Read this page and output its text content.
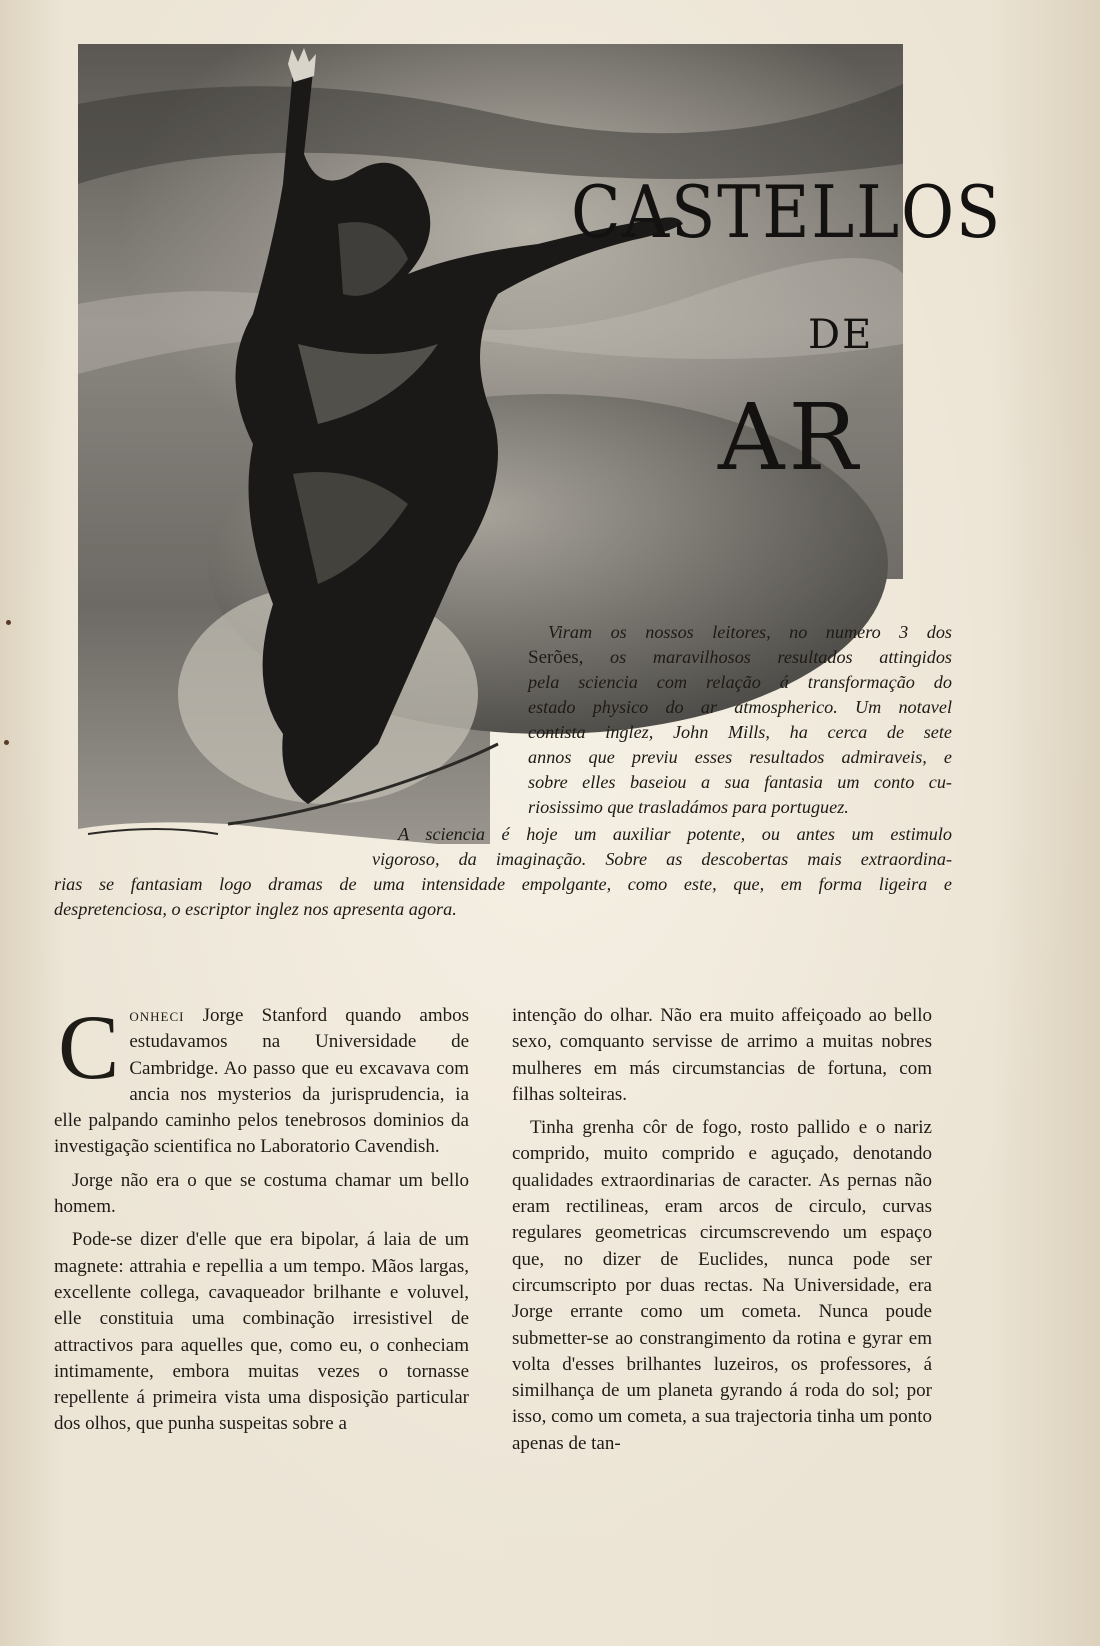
CASTELLOS
DE
AR
Viram os nossos leitores, no numero 3 dos
Serões, os maravilhosos resultados attingidos
pela sciencia com relação á transformação do
estado physico do ar atmospherico. Um notavel
contista inglez, John Mills, ha cerca de sete
annos que previu esses resultados admiraveis, e
sobre elles baseiou a sua fantasia um conto cu-
riosissimo que trasladámos para portuguez.
A sciencia é hoje um auxiliar potente, ou antes um estimulo
vigoroso, da imaginação. Sobre as descobertas mais extraordina-
rias se fantasiam logo dramas de uma intensidade empolgante, como este, que, em forma ligeira e
despretenciosa, o escriptor inglez nos apresenta agora.

Conheci Jorge Stanford quando ambos estudavamos na Universidade de Cambridge. Ao passo que eu excavava com ancia nos mysterios da jurisprudencia, ia elle palpando caminho pelos tenebrosos dominios da investigação scientifica no Laboratorio Cavendish.

Jorge não era o que se costuma chamar um bello homem.

Pode-se dizer d'elle que era bipolar, á laia de um magnete: attrahia e repellia a um tempo. Mãos largas, excellente collega, cavaqueador brilhante e voluvel, elle constituia uma combinação irresistivel de attractivos para aquelles que, como eu, o conheciam intimamente, embora muitas vezes o tornasse repellente á primeira vista uma disposição particular dos olhos, que punha suspeitas sobre a

intenção do olhar. Não era muito affeiçoado ao bello sexo, comquanto servisse de arrimo a muitas nobres mulheres em más circumstancias de fortuna, com filhas solteiras.

Tinha grenha côr de fogo, rosto pallido e o nariz comprido, muito comprido e aguçado, denotando qualidades extraordinarias de caracter. As pernas não eram rectilineas, eram arcos de circulo, curvas regulares geometricas circumscrevendo um espaço que, no dizer de Euclides, nunca pode ser circumscripto por duas rectas. Na Universidade, era Jorge errante como um cometa. Nunca poude submetter-se ao constrangimento da rotina e gyrar em volta d'esses brilhantes luzeiros, os professores, á similhança de um planeta gyrando á roda do sol; por isso, como um cometa, a sua trajectoria tinha um ponto apenas de tan-
